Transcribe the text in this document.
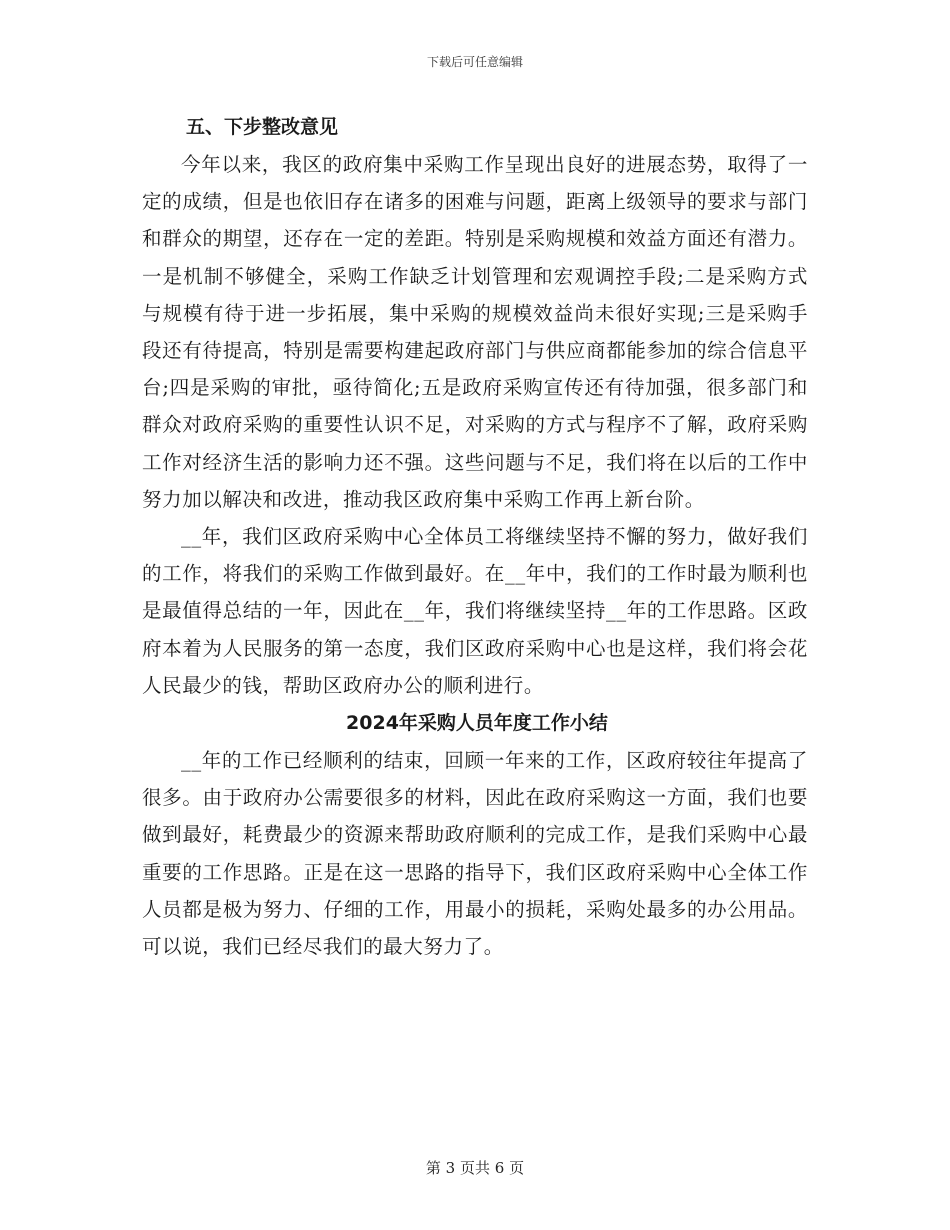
下载后可任意编辑
五、下步整改意见

今年以来，我区的政府集中采购工作呈现出良好的进展态势，取得了一定的成绩，但是也依旧存在诸多的困难与问题，距离上级领导的要求与部门和群众的期望，还存在一定的差距。特别是采购规模和效益方面还有潜力。一是机制不够健全，采购工作缺乏计划管理和宏观调控手段;二是采购方式与规模有待于进一步拓展，集中采购的规模效益尚未很好实现;三是采购手段还有待提高，特别是需要构建起政府部门与供应商都能参加的综合信息平台;四是采购的审批，亟待简化;五是政府采购宣传还有待加强，很多部门和群众对政府采购的重要性认识不足，对采购的方式与程序不了解，政府采购工作对经济生活的影响力还不强。这些问题与不足，我们将在以后的工作中努力加以解决和改进，推动我区政府集中采购工作再上新台阶。

__年，我们区政府采购中心全体员工将继续坚持不懈的努力，做好我们的工作，将我们的采购工作做到最好。在__年中，我们的工作时最为顺利也是最值得总结的一年，因此在__年，我们将继续坚持__年的工作思路。区政府本着为人民服务的第一态度，我们区政府采购中心也是这样，我们将会花人民最少的钱，帮助区政府办公的顺利进行。

2024年采购人员年度工作小结

__年的工作已经顺利的结束，回顾一年来的工作，区政府较往年提高了很多。由于政府办公需要很多的材料，因此在政府采购这一方面，我们也要做到最好，耗费最少的资源来帮助政府顺利的完成工作，是我们采购中心最重要的工作思路。正是在这一思路的指导下，我们区政府采购中心全体工作人员都是极为努力、仔细的工作，用最小的损耗，采购处最多的办公用品。可以说，我们已经尽我们的最大努力了。

第 3 页共 6 页
